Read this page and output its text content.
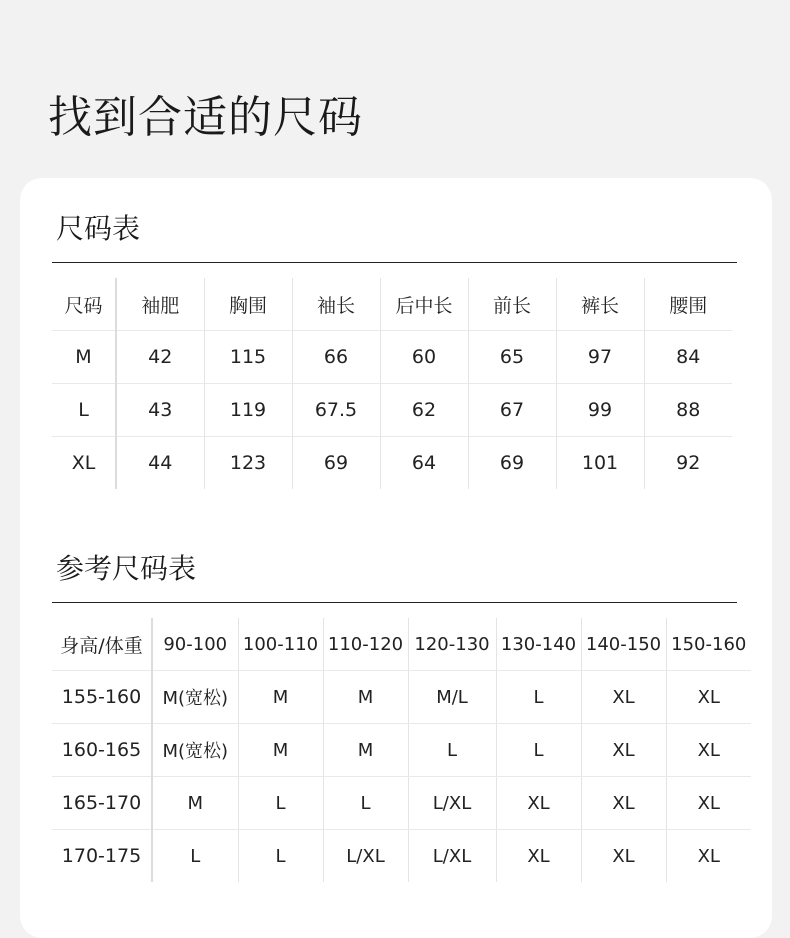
找到合适的尺码
尺码表
尺码	袖肥	胸围	袖长	后中长	前长	裤长	腰围
M	42	115	66	60	65	97	84
L	43	119	67.5	62	67	99	88
XL	44	123	69	64	69	101	92
参考尺码表
身高/体重	90-100	100-110	110-120	120-130	130-140	140-150	150-160
155-160	M(宽松)	M	M	M/L	L	XL	XL
160-165	M(宽松)	M	M	L	L	XL	XL
165-170	M	L	L	L/XL	XL	XL	XL
170-175	L	L	L/XL	L/XL	XL	XL	XL
